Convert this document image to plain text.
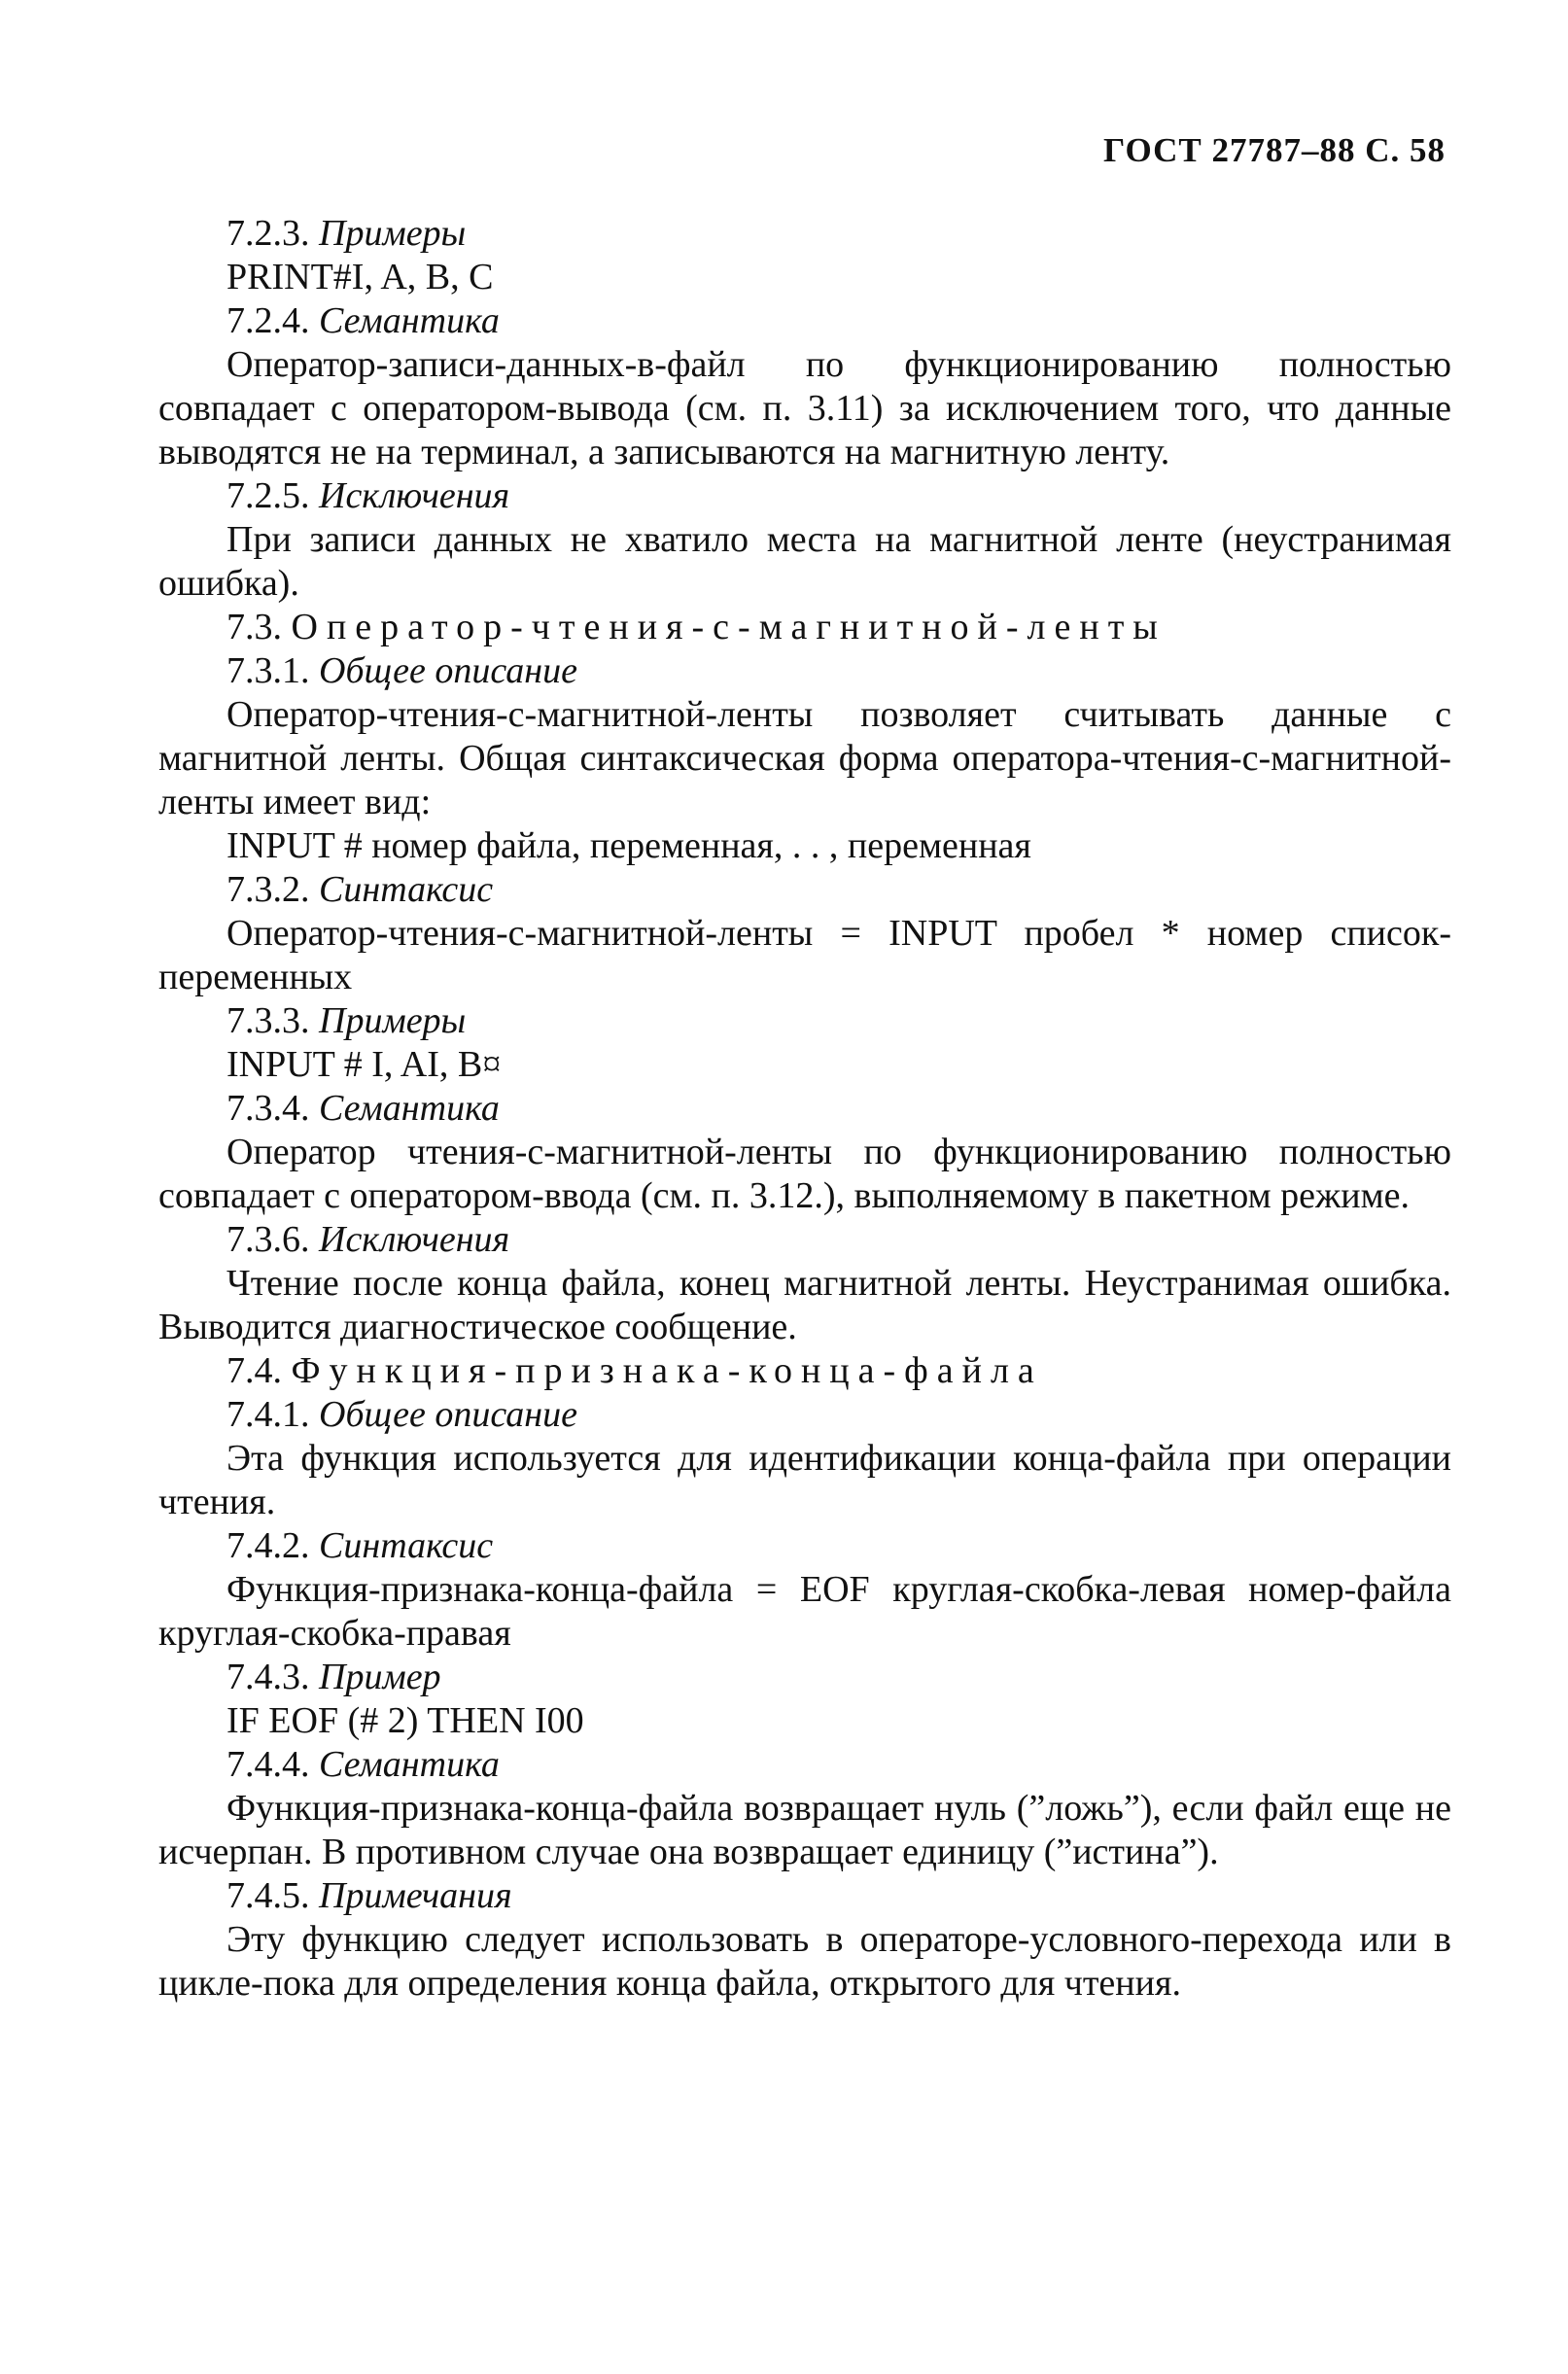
ГОСТ 27787–88 С. 58
7.2.3. Примеры
PRINT#I, A, B, C
7.2.4. Семантика
Оператор-записи-данных-в-файл по функционированию полностью совпадает с оператором-вывода (см. п. 3.11) за исключением того, что данные выводятся не на терминал, а записываются на магнитную ленту.
7.2.5. Исключения
При записи данных не хватило места на магнитной ленте (неустранимая ошибка).
7.3. Оператор-чтения-с-магнитной-ленты
7.3.1. Общее описание
Оператор-чтения-с-магнитной-ленты позволяет считывать данные с магнитной ленты. Общая синтаксическая форма оператора-чтения-с-магнитной-ленты имеет вид:
INPUT # номер файла, переменная, . . , переменная
7.3.2. Синтаксис
Оператор-чтения-с-магнитной-ленты = INPUT пробел * номер список-переменных
7.3.3. Примеры
INPUT # I, AI, B¤
7.3.4. Семантика
Оператор чтения-с-магнитной-ленты по функционированию полностью совпадает с оператором-ввода (см. п. 3.12.), выполняемому в пакетном режиме.
7.3.6. Исключения
Чтение после конца файла, конец магнитной ленты. Неустранимая ошибка. Выводится диагностическое сообщение.
7.4. Функция-признака-конца-файла
7.4.1. Общее описание
Эта функция используется для идентификации конца-файла при операции чтения.
7.4.2. Синтаксис
Функция-признака-конца-файла = EOF круглая-скобка-левая номер-файла круглая-скобка-правая
7.4.3. Пример
IF EOF (# 2) THEN I00
7.4.4. Семантика
Функция-признака-конца-файла возвращает нуль (”ложь”), если файл еще не исчерпан. В противном случае она возвращает единицу (”истина”).
7.4.5. Примечания
Эту функцию следует использовать в операторе-условного-перехода или в цикле-пока для определения конца файла, открытого для чтения.
